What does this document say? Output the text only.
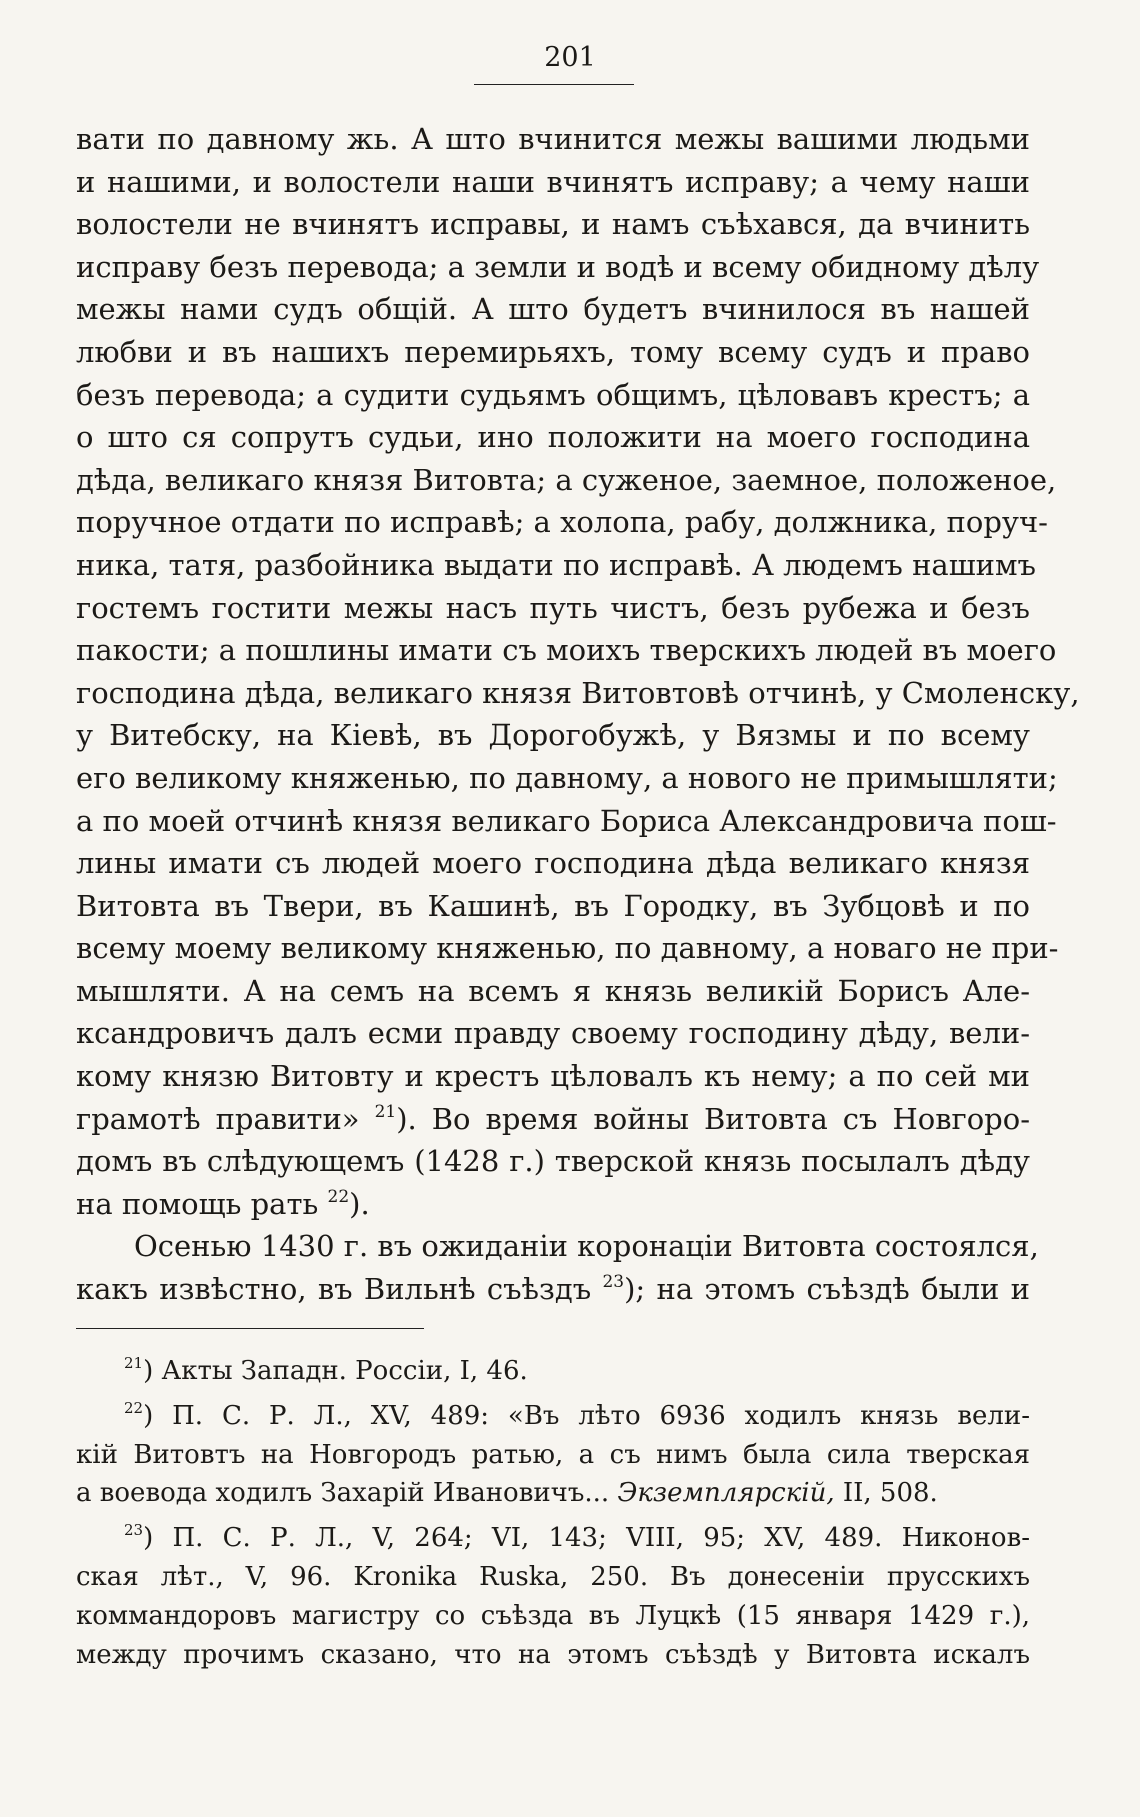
201
вати по давному жь. А што вчинится межы вашими людьми
и нашими, и волостели наши вчинятъ исправу; а чему наши
волостели не вчинятъ исправы, и намъ съѣхався, да вчинить
исправу безъ перевода; а земли и водѣ и всему обидному дѣлу
межы нами судъ общій. А што будетъ вчинилося въ нашей
любви и въ нашихъ перемирьяхъ, тому всему судъ и право
безъ перевода; а судити судьямъ общимъ, цѣловавъ крестъ; а
о што ся сопрутъ судьи, ино положити на моего господина
дѣда, великаго князя Витовта; а суженое, заемное, положеное,
поручное отдати по исправѣ; а холопа, рабу, должника, поруч-
ника, татя, разбойника выдати по исправѣ. А людемъ нашимъ
гостемъ гостити межы насъ путь чистъ, безъ рубежа и безъ
пакости; а пошлины имати съ моихъ тверскихъ людей въ моего
господина дѣда, великаго князя Витовтовѣ отчинѣ, у Смоленску,
у Витебску, на Кіевѣ, въ Дорогобужѣ, у Вязмы и по всему
его великому княженью, по давному, а нового не примышляти;
а по моей отчинѣ князя великаго Бориса Александровича пош-
лины имати съ людей моего господина дѣда великаго князя
Витовта въ Твери, въ Кашинѣ, въ Городку, въ Зубцовѣ и по
всему моему великому княженью, по давному, а новаго не при-
мышляти. А на семъ на всемъ я князь великій Борисъ Але-
ксандровичъ далъ есми правду своему господину дѣду, вели-
кому князю Витовту и крестъ цѣловалъ къ нему; а по сей ми
грамотѣ правити» $^{21}$). Во время войны Витовта съ Новгоро-
домъ въ слѣдующемъ (1428 г.) тверской князь посылалъ дѣду
на помощь рать $^{22}$).
Осенью 1430 г. въ ожиданіи коронаціи Витовта состоялся,
какъ извѣстно, въ Вильнѣ съѣздъ $^{23}$); на этомъ съѣздѣ были и
$^{21}$) Акты Западн. Россіи, I, 46.
$^{22}$) П. С. Р. Л., XV, 489: «Въ лѣто 6936 ходилъ князь вели-
кій Витовтъ на Новгородъ ратью, а съ нимъ была сила тверская
а воевода ходилъ Захарій Ивановичъ... Экземплярскій, II, 508.
$^{23}$) П. С. Р. Л., V, 264; VI, 143; VIII, 95; XV, 489. Никонов-
ская лѣт., V, 96. Kronika Ruska, 250. Въ донесеніи прусскихъ
коммандоровъ магистру со съѣзда въ Луцкѣ (15 января 1429 г.),
между прочимъ сказано, что на этомъ съѣздѣ у Витовта искалъ
